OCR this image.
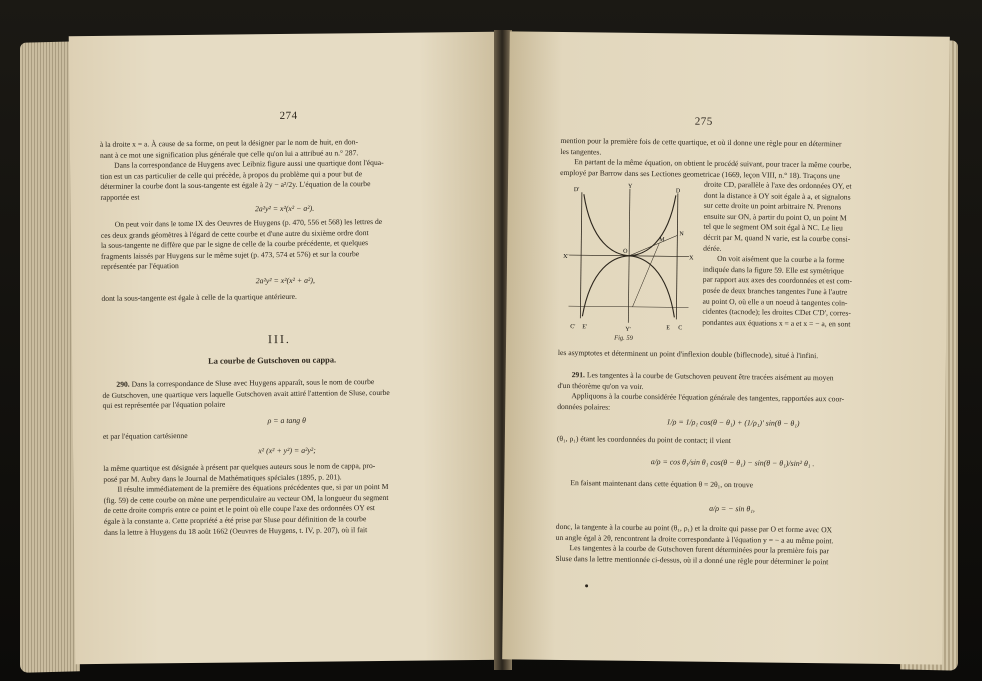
274

à la droite x = a. À cause de sa forme, on peut la désigner par le nom de huit, en don-

nant à ce mot une signification plus générale que celle qu'on lui a attribué au n.° 287.

Dans la correspondance de Huygens avec Leibniz figure aussi une quartique dont l'équa-

tion est un cas particulier de celle qui précède, à propos du problème qui a pour but de

déterminer la courbe dont la sous-tangente est égale à 2y − a²/2y. L'équation de la courbe

rapportée est

2a²y² = x²(x² − a²).

On peut voir dans le tome IX des Oeuvres de Huygens (p. 470, 556 et 568) les lettres de

ces deux grands géomètres à l'égard de cette courbe et d'une autre du sixième ordre dont

la sous-tangente ne diffère que par le signe de celle de la courbe précédente, et quelques

fragments laissés par Huygens sur le même sujet (p. 473, 574 et 576) et sur la courbe

représentée par l'équation

2a²y² = x²(x² + a²),

dont la sous-tangente est égale à celle de la quartique antérieure.

III.
La courbe de Gutschoven ou cappa.

290. Dans la correspondance de Sluse avec Huygens apparaît, sous le nom de courbe

de Gutschoven, une quartique vers laquelle Gutschoven avait attiré l'attention de Sluse, courbe

qui est représentée par l'équation polaire

ρ = a tang θ

et par l'équation cartésienne

x² (x² + y²) = a²y²;

la même quartique est désignée à présent par quelques auteurs sous le nom de cappa, pro-

posé par M. Aubry dans le Journal de Mathématiques spéciales (1895, p. 201).

Il résulte immédiatement de la première des équations précédentes que, si par un point M

(fig. 59) de cette courbe on mène une perpendiculaire au vecteur OM, la longueur du segment

de cette droite compris entre ce point et le point où elle coupe l'axe des ordonnées OY est

égale à la constante a. Cette propriété a été prise par Sluse pour définition de la courbe

dans la lettre à Huygens du 18 août 1662 (Oeuvres de Huygens, t. IV, p. 207), où il fait

275

mention pour la première fois de cette quartique, et où il donne une règle pour en déterminer

les tangentes.

En partant de la même équation, on obtient le procédé suivant, pour tracer la même courbe,

employé par Barrow dans ses Lectiones geometricae (1669, leçon VIII, n.° 18). Traçons une

D'
Y
D
X'
O
X
M
N
C' E'	Y'	E C
Fig. 59

droite CD, parallèle à l'axe des ordonnées OY, et

dont la distance à OY soit égale à a, et signalons

sur cette droite un point arbitraire N. Prenons

ensuite sur ON, à partir du point O, un point M

tel que le segment OM soit égal à NC. Le lieu

décrit par M, quand N varie, est la courbe consi-

dérée.

On voit aisément que la courbe a la forme

indiquée dans la figure 59. Elle est symétrique

par rapport aux axes des coordonnées et est com-

posée de deux branches tangentes l'une à l'autre

au point O, où elle a un noeud à tangentes coïn-

cidentes (tacnode); les droites CDet C'D', corres-

pondantes aux équations x = a et x = − a, en sont

les asymptotes et déterminent un point d'inflexion double (biflecnode), situé à l'infini.

291. Les tangentes à la courbe de Gutschoven peuvent être tracées aisément au moyen

d'un théorème qu'on va voir.

Appliquons à la courbe considérée l'équation générale des tangentes, rapportées aux coor-

données polaires:

1/ρ = 1/ρ₁ cos(θ − θ₁) + (1/ρ₁)′ sin(θ − θ₁)

(θ₁, ρ₁) étant les coordonnées du point de contact; il vient

a/ρ = cos θ₁/sin θ₁ cos(θ − θ₁) − sin(θ − θ₁)/sin² θ₁ .

En faisant maintenant dans cette équation θ = 2θ₁, on trouve

a/ρ = − sin θ₁,

donc, la tangente à la courbe au point (θ₁, ρ₁) et la droite qui passe par O et forme avec OX

un angle égal à 2θ, rencontrent la droite correspondante à l'équation y = − a au même point.

Les tangentes à la courbe de Gutschoven furent déterminées pour la première fois par

Sluse dans la lettre mentionnée ci-dessus, où il a donné une règle pour déterminer le point
